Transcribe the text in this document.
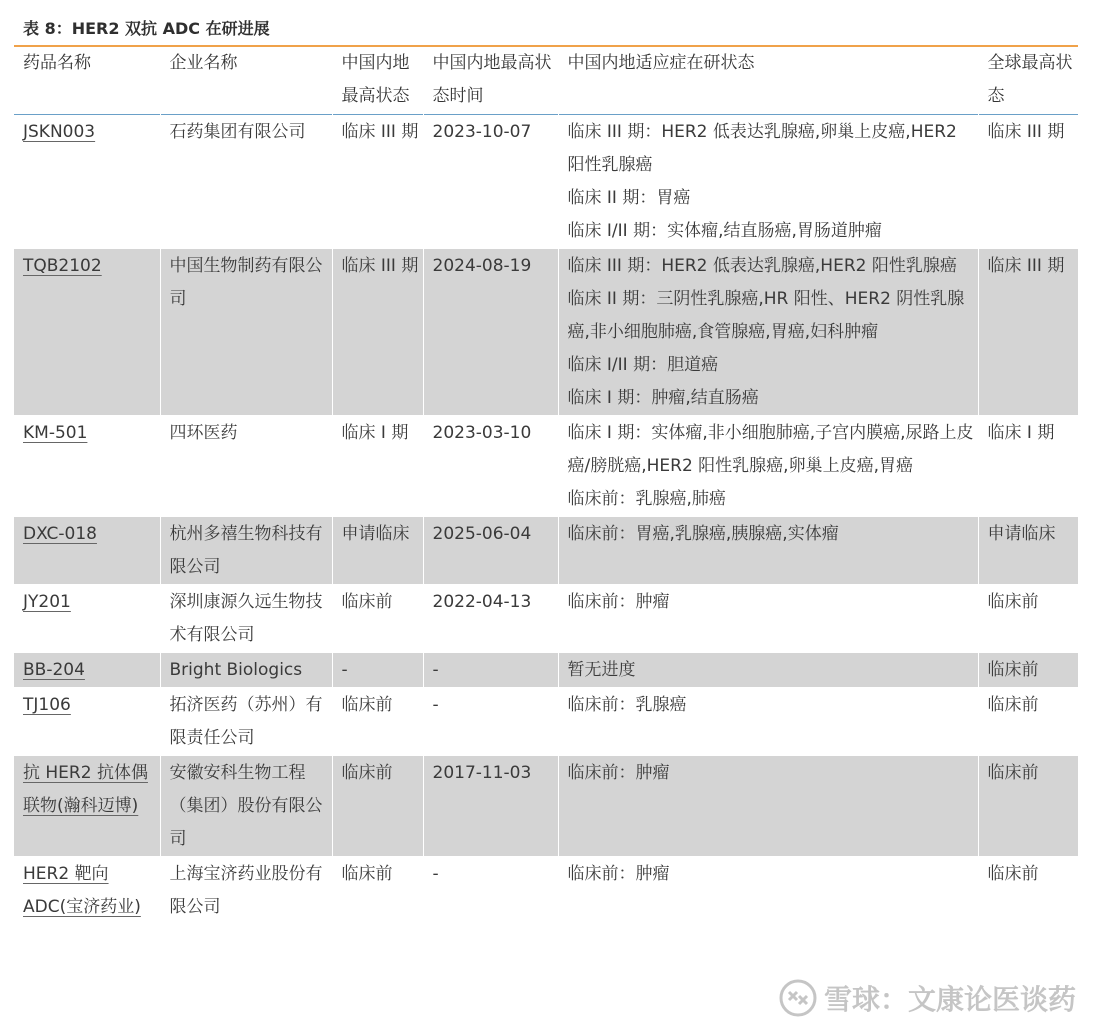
表 8：HER2 双抗 ADC 在研进展
药品名称	企业名称	中国内地最高状态	中国内地最高状态时间	中国内地适应症在研状态	全球最高状态
JSKN003	石药集团有限公司	临床 III 期	2023-10-07	临床 III 期：HER2 低表达乳腺癌,卵巢上皮癌,HER2 阳性乳腺癌
临床 II 期：胃癌
临床 I/II 期：实体瘤,结直肠癌,胃肠道肿瘤	临床 III 期
TQB2102	中国生物制药有限公司	临床 III 期	2024-08-19	临床 III 期：HER2 低表达乳腺癌,HER2 阳性乳腺癌
临床 II 期：三阴性乳腺癌,HR 阳性、HER2 阴性乳腺癌,非小细胞肺癌,食管腺癌,胃癌,妇科肿瘤
临床 I/II 期：胆道癌
临床 I 期：肿瘤,结直肠癌	临床 III 期
KM-501	四环医药	临床 I 期	2023-03-10	临床 I 期：实体瘤,非小细胞肺癌,子宫内膜癌,尿路上皮癌/膀胱癌,HER2 阳性乳腺癌,卵巢上皮癌,胃癌
临床前：乳腺癌,肺癌	临床 I 期
DXC-018	杭州多禧生物科技有限公司	申请临床	2025-06-04	临床前：胃癌,乳腺癌,胰腺癌,实体瘤	申请临床
JY201	深圳康源久远生物技术有限公司	临床前	2022-04-13	临床前：肿瘤	临床前
BB-204	Bright Biologics	-	-	暂无进度	临床前
TJ106	拓济医药（苏州）有限责任公司	临床前	-	临床前：乳腺癌	临床前
抗 HER2 抗体偶联物(瀚科迈博)	安徽安科生物工程（集团）股份有限公司	临床前	2017-11-03	临床前：肿瘤	临床前
HER2 靶向 ADC(宝济药业)	上海宝济药业股份有限公司	临床前	-	临床前：肿瘤	临床前
雪球：文康论医谈药
